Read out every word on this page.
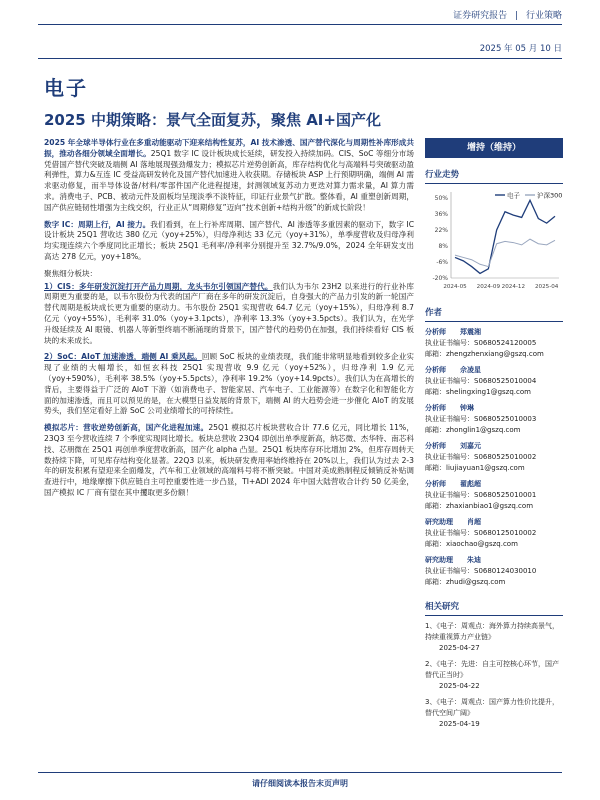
证券研究报告 | 行业策略
2025 年 05 月 10 日
电子
2025 中期策略：景气全面复苏，聚焦 AI+国产化

2025 年全球半导体行业在多重动能驱动下迎来结构性复苏，AI 技术渗透、国产替代深化与周期性补库形成共振，推动各细分领域全面增长。25Q1 数字 IC 设计板块成长延续，研发投入持续加码。CIS、SoC 等细分市场凭借国产替代突破及端侧 AI 落地展现强劲爆发力；模拟芯片逆势创新高，库存结构优化与高端料号突破驱动盈利弹性，算力&互连 IC 受益高研发转化及国产替代加速进入收获期。存储板块 ASP 上行预期明确，端侧 AI 需求驱动修复，而半导体设备/材料/零部件国产化进程提速，封测领域复苏动力更迭对算力需求量，AI 算力需求。消费电子、PCB、被动元件及面板均呈现淡季不淡特征，印证行业景气扩散。整体看，AI 重塑创新周期，国产供应链韧性增强为主线交织，行业正从“周期修复”迈向“技术创新+结构升级”的新成长阶段！

数字 IC：周期上行，AI 接力。我们看到，在上行补库周期、国产替代、AI 渗透等多重因素的驱动下，数字 IC 设计板块 25Q1 营收达 380 亿元（yoy+25%），归母净利达 33 亿元（yoy+31%），单季度营收及归母净利均实现连续六个季度同比正增长；板块 25Q1 毛利率/净利率分别提升至 32.7%/9.0%，2024 全年研发支出高达 278 亿元，yoy+18%。

聚焦细分板块：

1）CIS：多年研发沉淀打开产品力周期，龙头韦尔引领国产替代。我们认为韦尔 23H2 以来进行的行业补库周期更为重要的是，以韦尔股份为代表的国产厂商在多年的研发沉淀后，自身强大的产品力引发的新一轮国产替代周期是板块成长更为重要的驱动力。韦尔股份 25Q1 实现营收 64.7 亿元（yoy+15%），归母净利 8.7 亿元（yoy+55%），毛利率 31.0%（yoy+3.1pcts），净利率 13.3%（yoy+3.5pcts）。我们认为，在光学升级延续及 AI 眼镜、机器人等新型终端不断涌现的背景下，国产替代的趋势仍在加强，我们持续看好 CIS 板块的未来成长。

2）SoC：AIoT 加速渗透，端侧 AI 乘风起。回顾 SoC 板块的业绩表现，我们能非常明显地看到较多企业实现了业绩的大幅增长，如恒玄科技 25Q1 实现营收 9.9 亿元（yoy+52%），归母净利 1.9 亿元（yoy+590%），毛利率 38.5%（yoy+5.5pcts），净利率 19.2%（yoy+14.9pcts）。我们认为在高增长的背后，主要得益于广泛的 AIoT 下游（如消费电子、智能家居、汽车电子、工业能源等）在数字化和智能化方面的加速渗透，而且可以预见的是，在大模型日益发展的背景下，端侧 AI 的大趋势会进一步催化 AIoT 的发展势头，我们坚定看好上游 SoC 公司业绩增长的可持续性。

模拟芯片：营收逆势创新高，国产化进程加速。25Q1 模拟芯片板块营收合计 77.6 亿元，同比增长 11%，23Q3 至今营收连续 7 个季度实现同比增长。板块总营收 23Q4 即创出单季度新高，纳芯微、杰华特、南芯科技、芯朋微在 25Q1 再创单季度营收新高，国产化 alpha 凸显。25Q1 板块库存环比增加 2%，但库存周转天数持续下降，可见库存结构变化显著。22Q3 以来，板块研发费用率始终维持在 20%以上，我们认为过去 2-3 年的研发积累有望迎来全面爆发，汽车和工业领域的高端料号将不断突破。中国对美成熟制程反倾销反补贴调查进行中，地缘摩擦下供应链自主可控重要性进一步凸显，TI+ADI 2024 年中国大陆营收合计约 50 亿美金，国产模拟 IC 厂商有望在其中攫取更多份额！

增持（维持）
行业走势
-20%
-6%
8%
22%
36%
50%
2024-05 2024-09 2024-12 2025-04
电子	沪深300
作者
分析师 郑震湘
执业证书编号：S0680524120005
邮箱：zhengzhenxiang@gszq.com
分析师 佘凌星
执业证书编号：S0680525010004
邮箱：shelingxing1@gszq.com
分析师 钟琳
执业证书编号：S0680525010003
邮箱：zhonglin1@gszq.com
分析师 刘嘉元
执业证书编号：S0680525010002
邮箱：liujiayuan1@gszq.com
分析师 翟彪超
执业证书编号：S0680525010001
邮箱：zhaxianbiao1@gszq.com
研究助理 肖超
执业证书编号：S0680125010002
邮箱：xiaochao@gszq.com
研究助理 朱迪
执业证书编号：S0680124030010
邮箱：zhudi@gszq.com
相关研究
1、《电子：周观点：海外算力持续高景气，持续重视算力产业链》
2025-04-27
2、《电子：先进：自主可控核心环节，国产替代正当时》
2025-04-22
3、《电子：周观点：国产算力性价比提升，替代空间广阔》
2025-04-19
请仔细阅读本报告末页声明
